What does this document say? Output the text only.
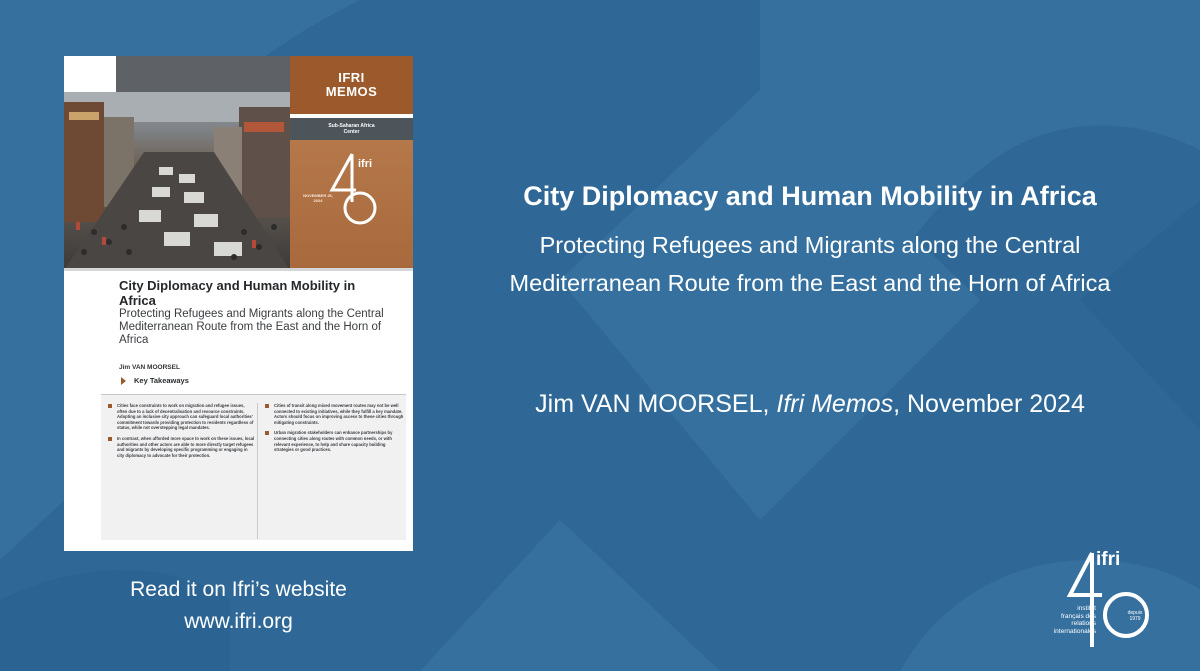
IFRI
MEMOS
Sub-Saharan Africa
Center
ifri
NOVEMBER 26,
2024
City Diplomacy and Human Mobility in Africa
Protecting Refugees and Migrants along the Central Mediterranean Route from the East and the Horn of Africa
Jim VAN MOORSEL
Key Takeaways
Cities face constraints to work on migration and refugee issues, often due to a lack of decentralisation and resource constraints. Adopting an inclusive city approach can safeguard local authorities' commitment towards providing protection to residents regardless of status, while not overstepping legal mandates.
In contrast, when afforded more space to work on these issues, local authorities and other actors are able to more directly target refugees and migrants by developing specific programming or engaging in city diplomacy to advocate for their protection.
Cities of transit along mixed movement routes may not be well connected to existing initiatives, while they fulfill a key mandate. Actors should focus on improving access to these cities through mitigating constraints.
Urban migration stakeholders can enhance partnerships by connecting cities along routes with common needs, or with relevant experience, to help and share capacity building strategies or good practices.
City Diplomacy and Human Mobility in Africa
Protecting Refugees and Migrants along the Central
Mediterranean Route from the East and the Horn of Africa
Jim VAN MOORSEL, Ifri Memos, November 2024
Read it on Ifri’s website
www.ifri.org
ifri
institut
français des
relations
internationales
depuis
1979
